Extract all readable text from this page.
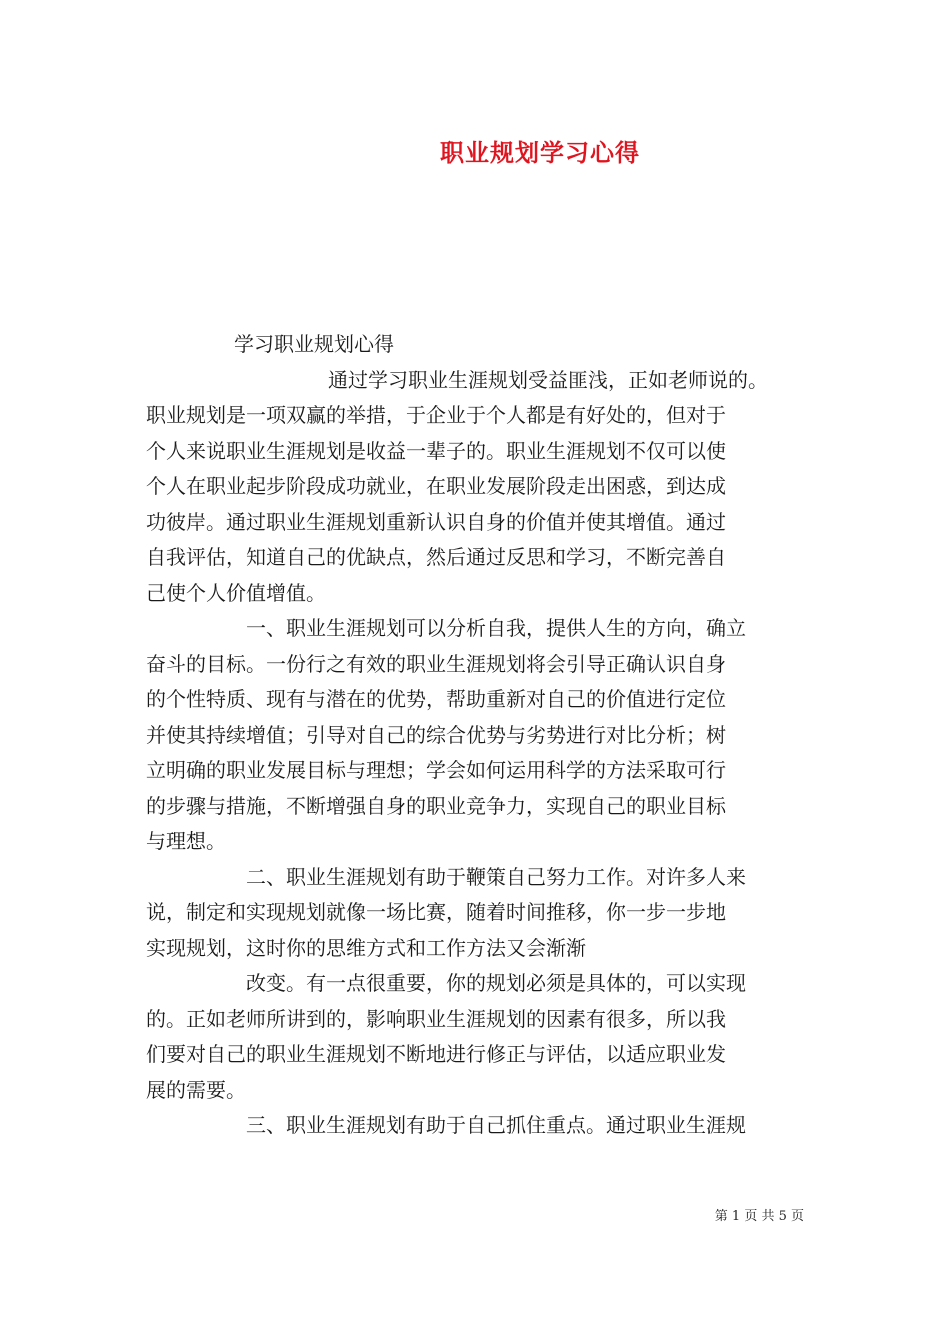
职业规划学习心得
学习职业规划心得
通过学习职业生涯规划受益匪浅，正如老师说的。
职业规划是一项双赢的举措，于企业于个人都是有好处的，但对于
个人来说职业生涯规划是收益一辈子的。职业生涯规划不仅可以使
个人在职业起步阶段成功就业，在职业发展阶段走出困惑，到达成
功彼岸。通过职业生涯规划重新认识自身的价值并使其增值。通过
自我评估，知道自己的优缺点，然后通过反思和学习，不断完善自
己使个人价值增值。
一、职业生涯规划可以分析自我，提供人生的方向，确立
奋斗的目标。一份行之有效的职业生涯规划将会引导正确认识自身
的个性特质、现有与潜在的优势，帮助重新对自己的价值进行定位
并使其持续增值；引导对自己的综合优势与劣势进行对比分析；树
立明确的职业发展目标与理想；学会如何运用科学的方法采取可行
的步骤与措施，不断增强自身的职业竞争力，实现自己的职业目标
与理想。
二、职业生涯规划有助于鞭策自己努力工作。对许多人来
说，制定和实现规划就像一场比赛，随着时间推移，你一步一步地
实现规划，这时你的思维方式和工作方法又会渐渐
改变。有一点很重要，你的规划必须是具体的，可以实现
的。正如老师所讲到的，影响职业生涯规划的因素有很多，所以我
们要对自己的职业生涯规划不断地进行修正与评估，以适应职业发
展的需要。
三、职业生涯规划有助于自己抓住重点。通过职业生涯规
第 1 页 共 5 页
